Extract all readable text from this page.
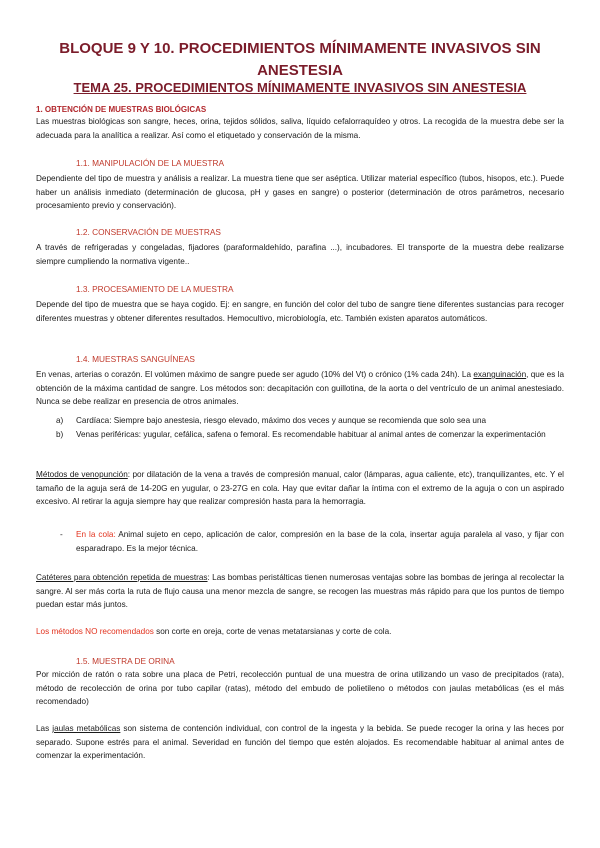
BLOQUE 9 Y 10. PROCEDIMIENTOS MÍNIMAMENTE INVASIVOS SIN
ANESTESIA
TEMA 25. PROCEDIMIENTOS MÍNIMAMENTE INVASIVOS SIN ANESTESIA
1. OBTENCIÓN DE MUESTRAS BIOLÓGICAS
Las muestras biológicas son sangre, heces, orina, tejidos sólidos, saliva, líquido cefalorraquídeo y otros. La recogida de la muestra debe ser la adecuada para la analítica a realizar. Así como el etiquetado y conservación de la misma.
1.1. MANIPULACIÓN DE LA MUESTRA
Dependiente del tipo de muestra y análisis a realizar. La muestra tiene que ser aséptica. Utilizar material específico (tubos, hisopos, etc.). Puede haber un análisis inmediato (determinación de glucosa, pH y gases en sangre) o posterior (determinación de otros parámetros, necesario procesamiento previo y conservación).
1.2. CONSERVACIÓN DE MUESTRAS
A través de refrigeradas y congeladas, fijadores (paraformaldehído, parafina ...), incubadores. El transporte de la muestra debe realizarse siempre cumpliendo la normativa vigente..
1.3. PROCESAMIENTO DE LA MUESTRA
Depende del tipo de muestra que se haya cogido. Ej: en sangre, en función del color del tubo de sangre tiene diferentes sustancias para recoger diferentes muestras y obtener diferentes resultados. Hemocultivo, microbiología, etc. También existen aparatos automáticos.
1.4. MUESTRAS SANGUÍNEAS
En venas, arterias o corazón. El volúmen máximo de sangre puede ser agudo (10% del Vt) o crónico (1% cada 24h). La exanguinación, que es la obtención de la máxima cantidad de sangre. Los métodos son: decapitación con guillotina, de la aorta o del ventrículo de un animal anestesiado. Nunca se debe realizar en presencia de otros animales.
a) Cardíaca: Siempre bajo anestesia, riesgo elevado, máximo dos veces y aunque se recomienda que solo sea una
b) Venas periféricas: yugular, cefálica, safena o femoral. Es recomendable habituar al animal antes de comenzar la experimentación
Métodos de venopunción: por dilatación de la vena a través de compresión manual, calor (lámparas, agua caliente, etc), tranquilizantes, etc. Y el tamaño de la aguja será de 14-20G en yugular, o 23-27G en cola. Hay que evitar dañar la íntima con el extremo de la aguja o con un aspirado excesivo. Al retirar la aguja siempre hay que realizar compresión hasta para la hemorragia.
- En la cola: Animal sujeto en cepo, aplicación de calor, compresión en la base de la cola, insertar aguja paralela al vaso, y fijar con esparadrapo. Es la mejor técnica.
Catéteres para obtención repetida de muestras: Las bombas peristálticas tienen numerosas ventajas sobre las bombas de jeringa al recolectar la sangre. Al ser más corta la ruta de flujo causa una menor mezcla de sangre, se recogen las muestras más rápido para que los puntos de tiempo puedan estar más juntos.
Los métodos NO recomendados son corte en oreja, corte de venas metatarsianas y corte de cola.
1.5. MUESTRA DE ORINA
Por micción de ratón o rata sobre una placa de Petri, recolección puntual de una muestra de orina utilizando un vaso de precipitados (rata), método de recolección de orina por tubo capilar (ratas), método del embudo de polietileno o métodos con jaulas metabólicas (es el más recomendado)
Las jaulas metabólicas son sistema de contención individual, con control de la ingesta y la bebida. Se puede recoger la orina y las heces por separado. Supone estrés para el animal. Severidad en función del tiempo que estén alojados. Es recomendable habituar al animal antes de comenzar la experimentación.
